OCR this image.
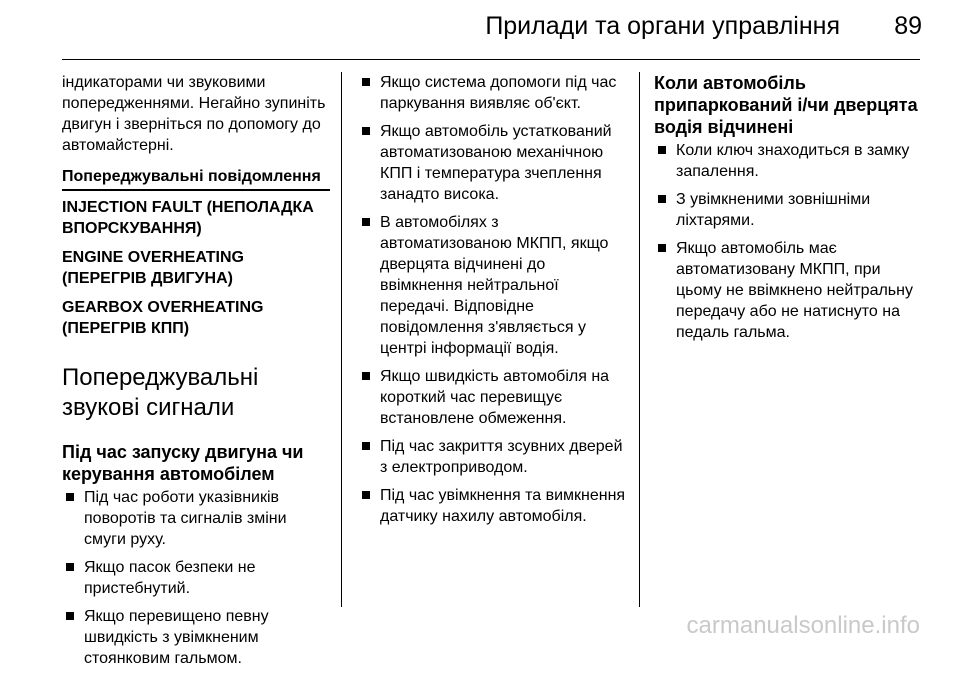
Прилади та органи управління 89

індикаторами чи звуковими попередженнями. Негайно зупиніть двигун і зверніться по допомогу до автомайстерні.

Попереджувальні повідомлення
INJECTION FAULT (НЕПОЛАДКА ВПОРСКУВАННЯ)
ENGINE OVERHEATING (ПЕРЕГРІВ ДВИГУНА)
GEARBOX OVERHEATING (ПЕРЕГРІВ КПП)
Попереджувальні звукові сигнали
Під час запуску двигуна чи керування автомобілем
Під час роботи указівників поворотів та сигналів зміни смуги руху.
Якщо пасок безпеки не пристебнутий.
Якщо перевищено певну швидкість з увімкненим стоянковим гальмом.
Якщо система допомоги під час паркування виявляє об'єкт.
Якщо автомобіль устаткований автоматизованою механічною КПП і температура зчеплення занадто висока.
В автомобілях з автоматизованою МКПП, якщо дверцята відчинені до ввімкнення нейтральної передачі. Відповідне повідомлення з'являється у центрі інформації водія.
Якщо швидкість автомобіля на короткий час перевищує встановлене обмеження.
Під час закриття зсувних дверей з електроприводом.
Під час увімкнення та вимкнення датчику нахилу автомобіля.
Коли автомобіль припаркований і/чи дверцята водія відчинені
Коли ключ знаходиться в замку запалення.
З увімкненими зовнішніми ліхтарями.
Якщо автомобіль має автоматизовану МКПП, при цьому не ввімкнено нейтральну передачу або не натиснуто на педаль гальма.
carmanualsonline.info
